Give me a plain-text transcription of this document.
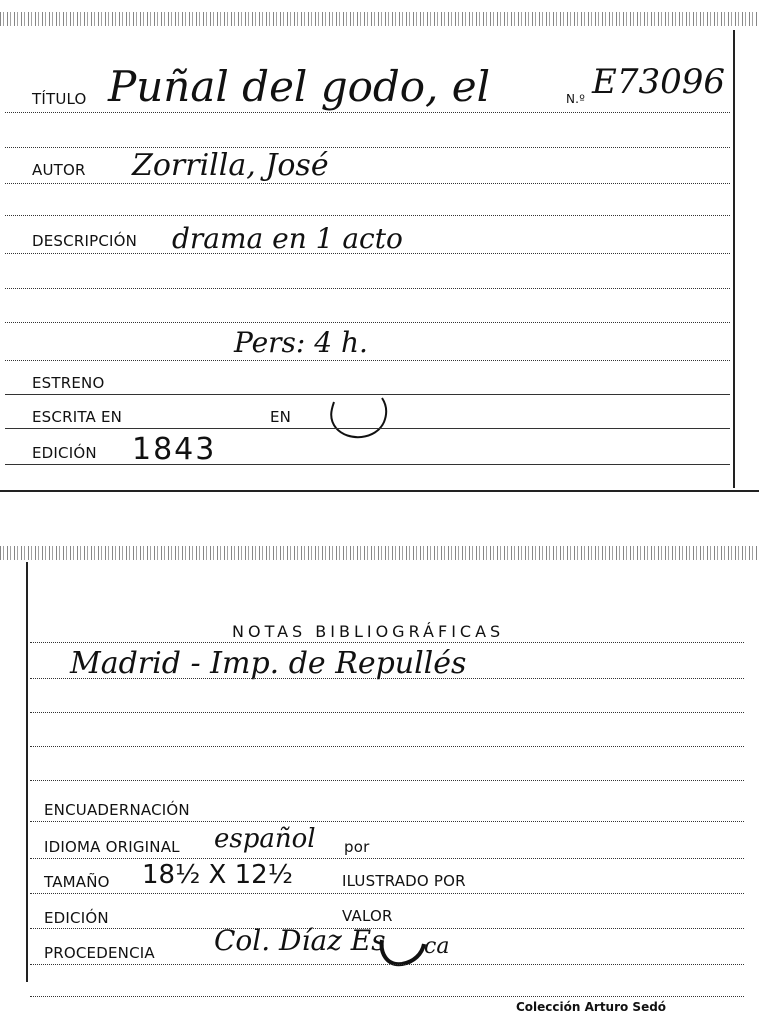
TÍTULO Puñal del godo, el	N.º E73096
AUTOR Zorrilla, José
DESCRIPCIÓN drama en 1 acto
Pers: 4 h.
ESTRENO
ESCRITA EN	EN
EDICIÓN 1843
NOTAS BIBLIOGRÁFICAS
Madrid - Imp. de Repullés
ENCUADERNACIÓN
IDIOMA ORIGINAL español por
TAMAÑO 18½ X 12½	ILUSTRADO POR
EDICIÓN	VALOR
PROCEDENCIA Col. Díaz Es ca
Colección Arturo Sedó
